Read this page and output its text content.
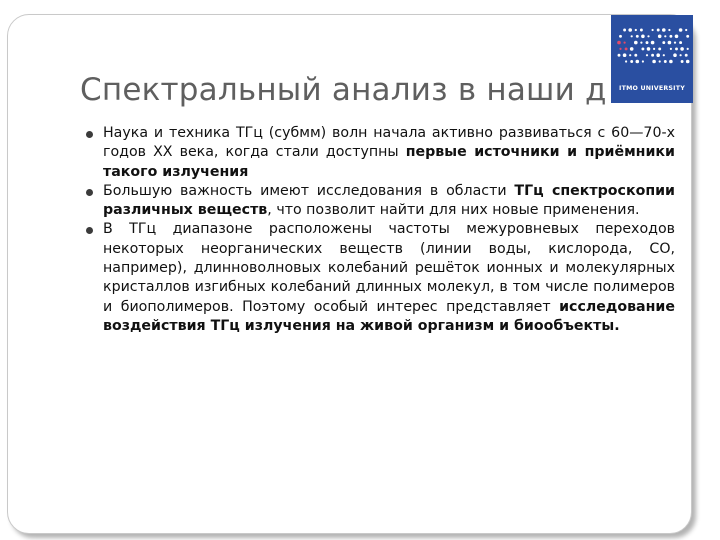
Спектральный анализ в наши д	ITMO UNIVERSITY
Наука и техника ТГц (субмм) волн начала активно развиваться с 60—70-х годов XX века, когда стали доступны первые источники и приёмники такого излучения
Большую важность имеют исследования в области ТГц спектроскопии различных веществ, что позволит найти для них новые применения.
В ТГц диапазоне расположены частоты межуровневых переходов некоторых неорганических веществ (линии воды, кислорода, CO, например), длинноволновых колебаний решёток ионных и молекулярных кристаллов изгибных колебаний длинных молекул, в том числе полимеров и биополимеров. Поэтому особый интерес представляет исследование воздействия ТГц излучения на живой организм и биообъекты.
